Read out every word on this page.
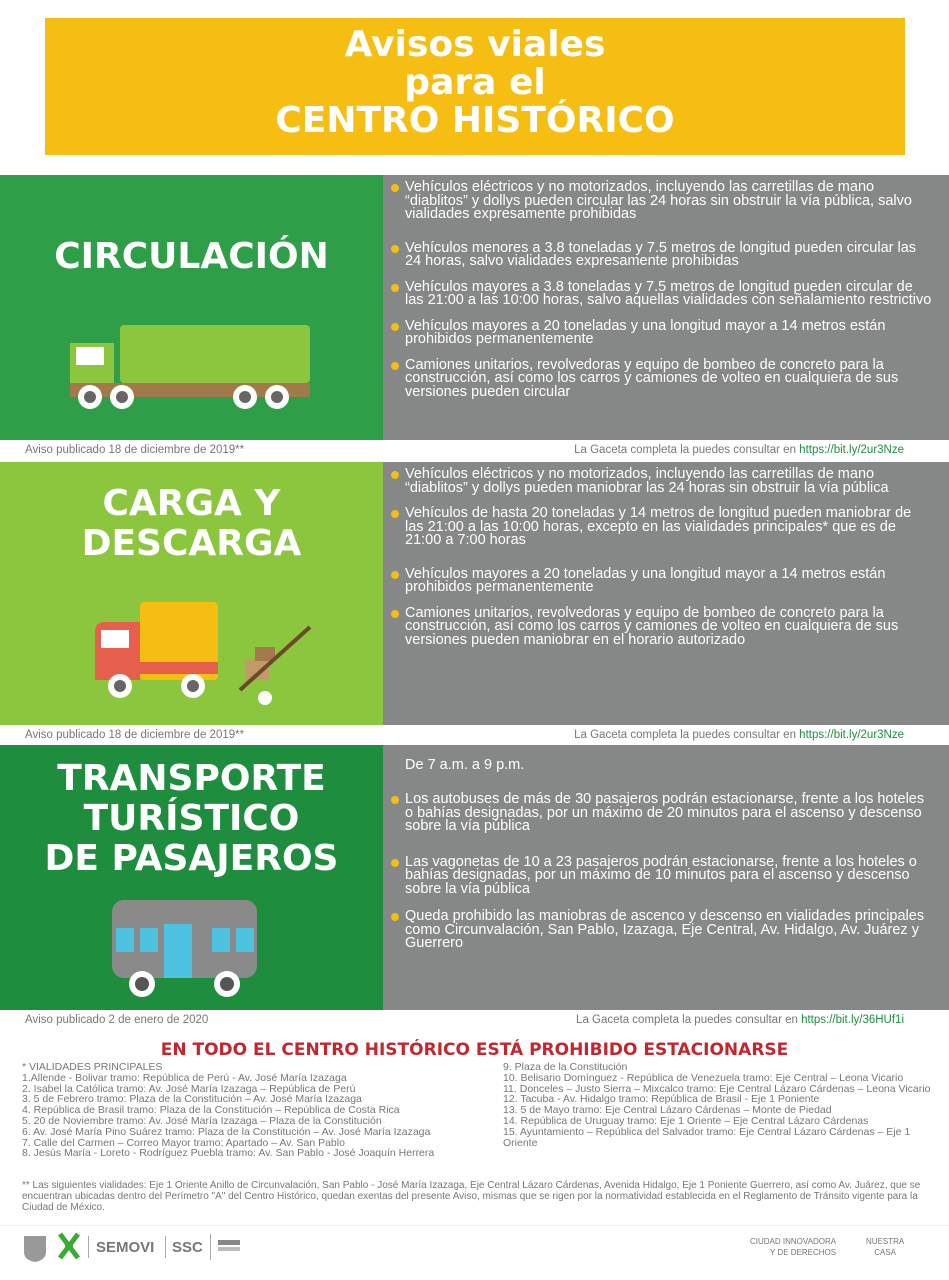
Avisos viales
para el
CENTRO HISTÓRICO
CIRCULACIÓN
Vehículos eléctricos y no motorizados, incluyendo las carretillas de mano “diablitos” y dollys pueden circular las 24 horas sin obstruir la vía pública, salvo vialidades expresamente prohibidas
Vehículos menores a 3.8 toneladas y 7.5 metros de longitud pueden circular las 24 horas, salvo vialidades expresamente prohibidas
Vehículos mayores a 3.8 toneladas y 7.5 metros de longitud pueden circular de las 21:00 a las 10:00 horas, salvo aquellas vialidades con señalamiento restrictivo
Vehículos mayores a 20 toneladas y una longitud mayor a 14 metros están prohibidos permanentemente
Camiones unitarios, revolvedoras y equipo de bombeo de concreto para la construcción, así como los carros y camiones de volteo en cualquiera de sus versiones pueden circular
Aviso publicado 18 de diciembre de 2019**	La Gaceta completa la puedes consultar en https://bit.ly/2ur3Nze
CARGA Y
DESCARGA
Vehículos eléctricos y no motorizados, incluyendo las carretillas de mano “diablitos” y dollys pueden maniobrar las 24 horas sin obstruir la vía pública
Vehículos de hasta 20 toneladas y 14 metros de longitud pueden maniobrar de las 21:00 a las 10:00 horas, excepto en las vialidades principales* que es de 21:00 a 7:00 horas
Vehículos mayores a 20 toneladas y una longitud mayor a 14 metros están prohibidos permanentemente
Camiones unitarios, revolvedoras y equipo de bombeo de concreto para la construcción, así como los carros y camiones de volteo en cualquiera de sus versiones pueden maniobrar en el horario autorizado
Aviso publicado 18 de diciembre de 2019**	La Gaceta completa la puedes consultar en https://bit.ly/2ur3Nze
TRANSPORTE
TURÍSTICO
DE PASAJEROS
De 7 a.m. a 9 p.m.
Los autobuses de más de 30 pasajeros podrán estacionarse, frente a los hoteles o bahías designadas, por un máximo de 20 minutos para el ascenso y descenso sobre la vía pública
Las vagonetas de 10 a 23 pasajeros podrán estacionarse, frente a los hoteles o bahías designadas, por un máximo de 10 minutos para el ascenso y descenso sobre la vía pública
Queda prohibido las maniobras de ascenco y descenso en vialidades principales como Circunvalación, San Pablo, Izazaga, Eje Central, Av. Hidalgo, Av. Juárez y Guerrero
Aviso publicado 2 de enero de 2020	La Gaceta completa la puedes consultar en https://bit.ly/36HUf1i
EN TODO EL CENTRO HISTÓRICO ESTÁ PROHIBIDO ESTACIONARSE
* VIALIDADES PRINCIPALES
1.Allende - Bolivar tramo: República de Perú - Av. José María Izazaga
2. Isabel la Católica tramo: Av. José María Izazaga – República de Perú
3. 5 de Febrero tramo: Plaza de la Constitución – Av. José María Izazaga
4. República de Brasil tramo: Plaza de la Constitución – República de Costa Rica
5. 20 de Noviembre tramo: Av. José María Izazaga – Plaza de la Constitución
6. Av. José María Pino Suárez tramo: Plaza de la Constitución – Av. José María Izazaga
7. Calle del Carmen – Correo Mayor tramo: Apartado – Av. San Pablo
8. Jesús María - Loreto - Rodríguez Puebla tramo: Av. San Pablo - José Joaquín Herrera
9. Plaza de la Constitución
10. Belisario Domínguez - República de Venezuela tramo: Eje Central – Leona Vicario
11. Donceles – Justo Sierra – Mixcalco tramo: Eje Central Lázaro Cárdenas – Leona Vicario
12. Tacuba - Av. Hidalgo tramo: República de Brasil - Eje 1 Poniente
13. 5 de Mayo tramo: Eje Central Lázaro Cárdenas – Monte de Piedad
14. República de Uruguay tramo: Eje 1 Oriente – Eje Central Lázaro Cárdenas
15. Ayuntamiento – República del Salvador tramo: Eje Central Lázaro Cárdenas – Eje 1 Oriente
** Las siguientes vialidades: Eje 1 Oriente Anillo de Circunvalación, San Pablo - José María Izazaga, Eje Central Lázaro Cárdenas, Avenida Hidalgo, Eje 1 Poniente Guerrero, así como Av. Juárez, que se encuentran ubicadas dentro del Perímetro "A" del Centro Histórico, quedan exentas del presente Aviso, mismas que se rigen por la normatividad establecida en el Reglamento de Tránsito vigente para la Ciudad de México.
SEMOVI SSC	CIUDAD INNOVADORA
Y DE DERECHOS
NUESTRA
CASA
